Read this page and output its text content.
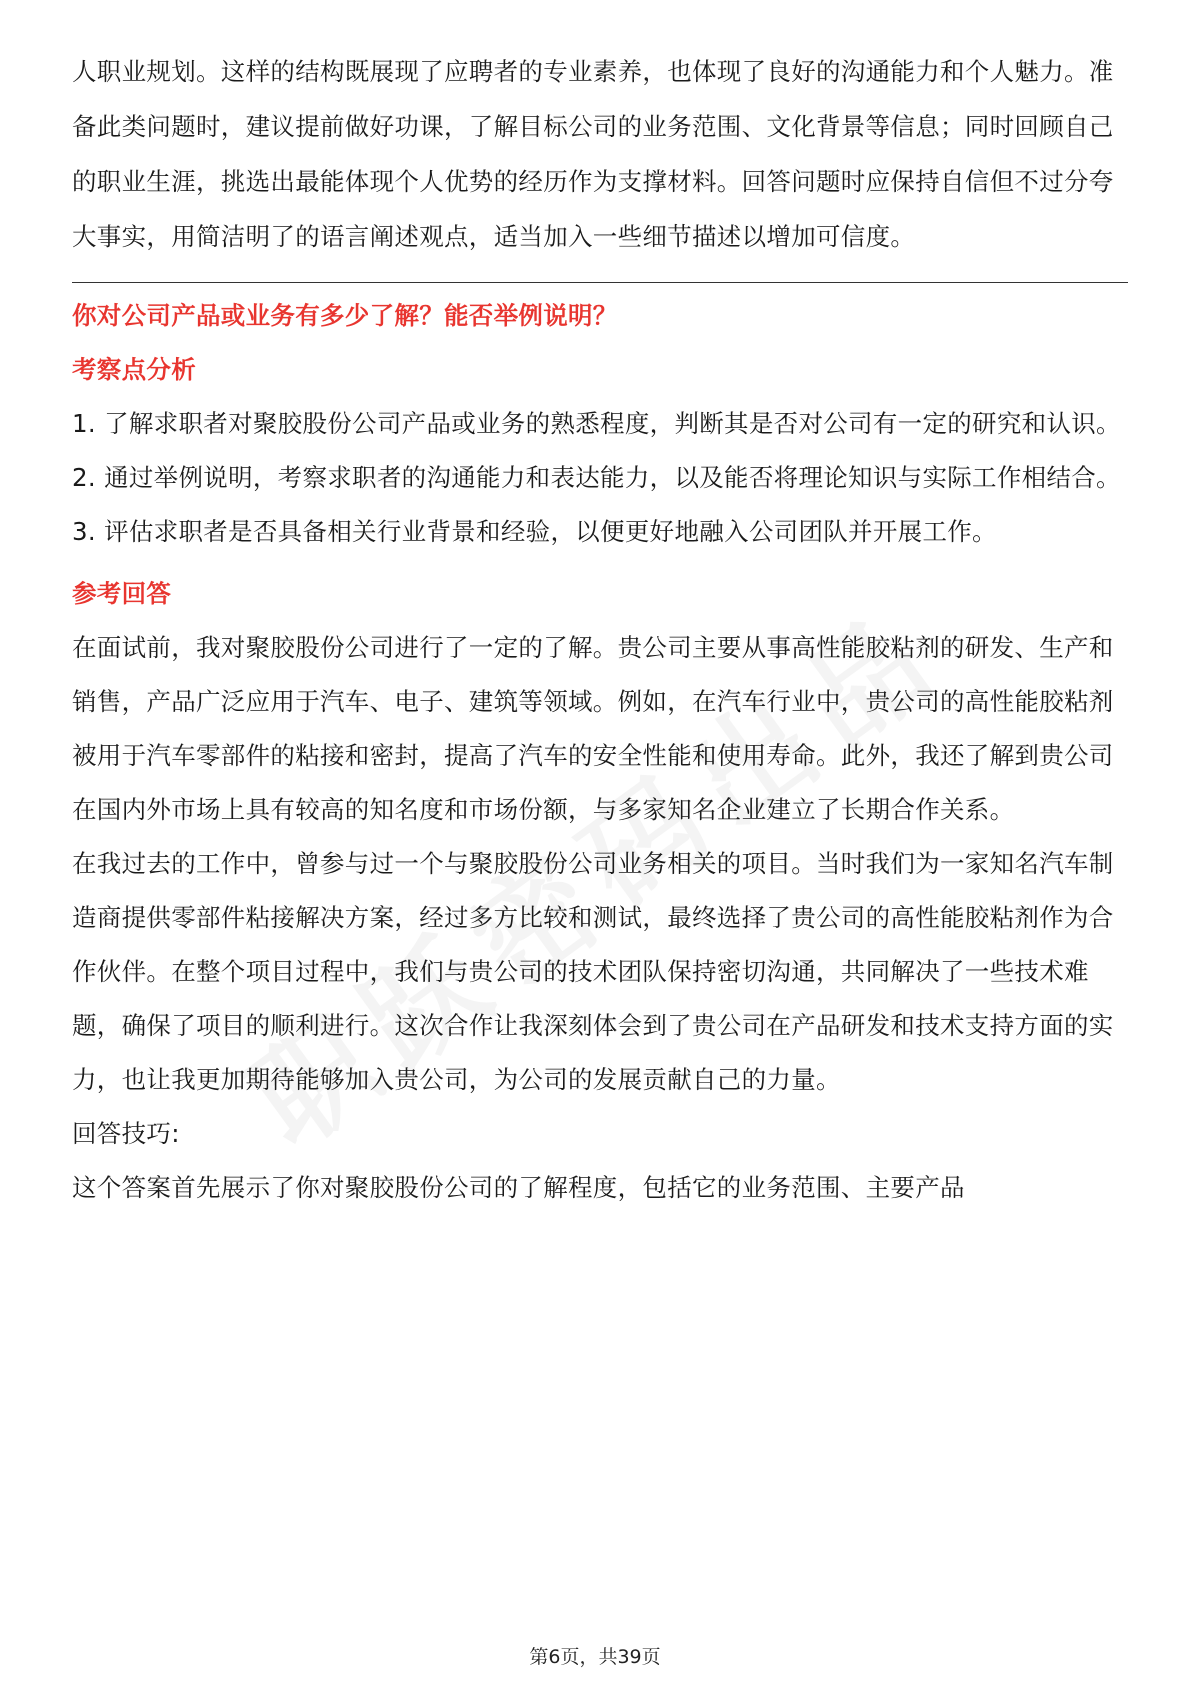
人职业规划。这样的结构既展现了应聘者的专业素养，也体现了良好的沟通能力和个人魅力。准备此类问题时，建议提前做好功课，了解目标公司的业务范围、文化背景等信息；同时回顾自己的职业生涯，挑选出最能体现个人优势的经历作为支撑材料。回答问题时应保持自信但不过分夸大事实，用简洁明了的语言阐述观点，适当加入一些细节描述以增加可信度。

你对公司产品或业务有多少了解？能否举例说明？

考察点分析

1. 了解求职者对聚胶股份公司产品或业务的熟悉程度，判断其是否对公司有一定的研究和认识。

2. 通过举例说明，考察求职者的沟通能力和表达能力，以及能否将理论知识与实际工作相结合。

3. 评估求职者是否具备相关行业背景和经验，以便更好地融入公司团队并开展工作。

参考回答

在面试前，我对聚胶股份公司进行了一定的了解。贵公司主要从事高性能胶粘剂的研发、生产和销售，产品广泛应用于汽车、电子、建筑等领域。例如，在汽车行业中，贵公司的高性能胶粘剂被用于汽车零部件的粘接和密封，提高了汽车的安全性能和使用寿命。此外，我还了解到贵公司在国内外市场上具有较高的知名度和市场份额，与多家知名企业建立了长期合作关系。

在我过去的工作中，曾参与过一个与聚胶股份公司业务相关的项目。当时我们为一家知名汽车制造商提供零部件粘接解决方案，经过多方比较和测试，最终选择了贵公司的高性能胶粘剂作为合作伙伴。在整个项目过程中，我们与贵公司的技术团队保持密切沟通，共同解决了一些技术难题，确保了项目的顺利进行。这次合作让我深刻体会到了贵公司在产品研发和技术支持方面的实力，也让我更加期待能够加入贵公司，为公司的发展贡献自己的力量。

回答技巧:

这个答案首先展示了你对聚胶股份公司的了解程度，包括它的业务范围、主要产品

第6页，共39页
